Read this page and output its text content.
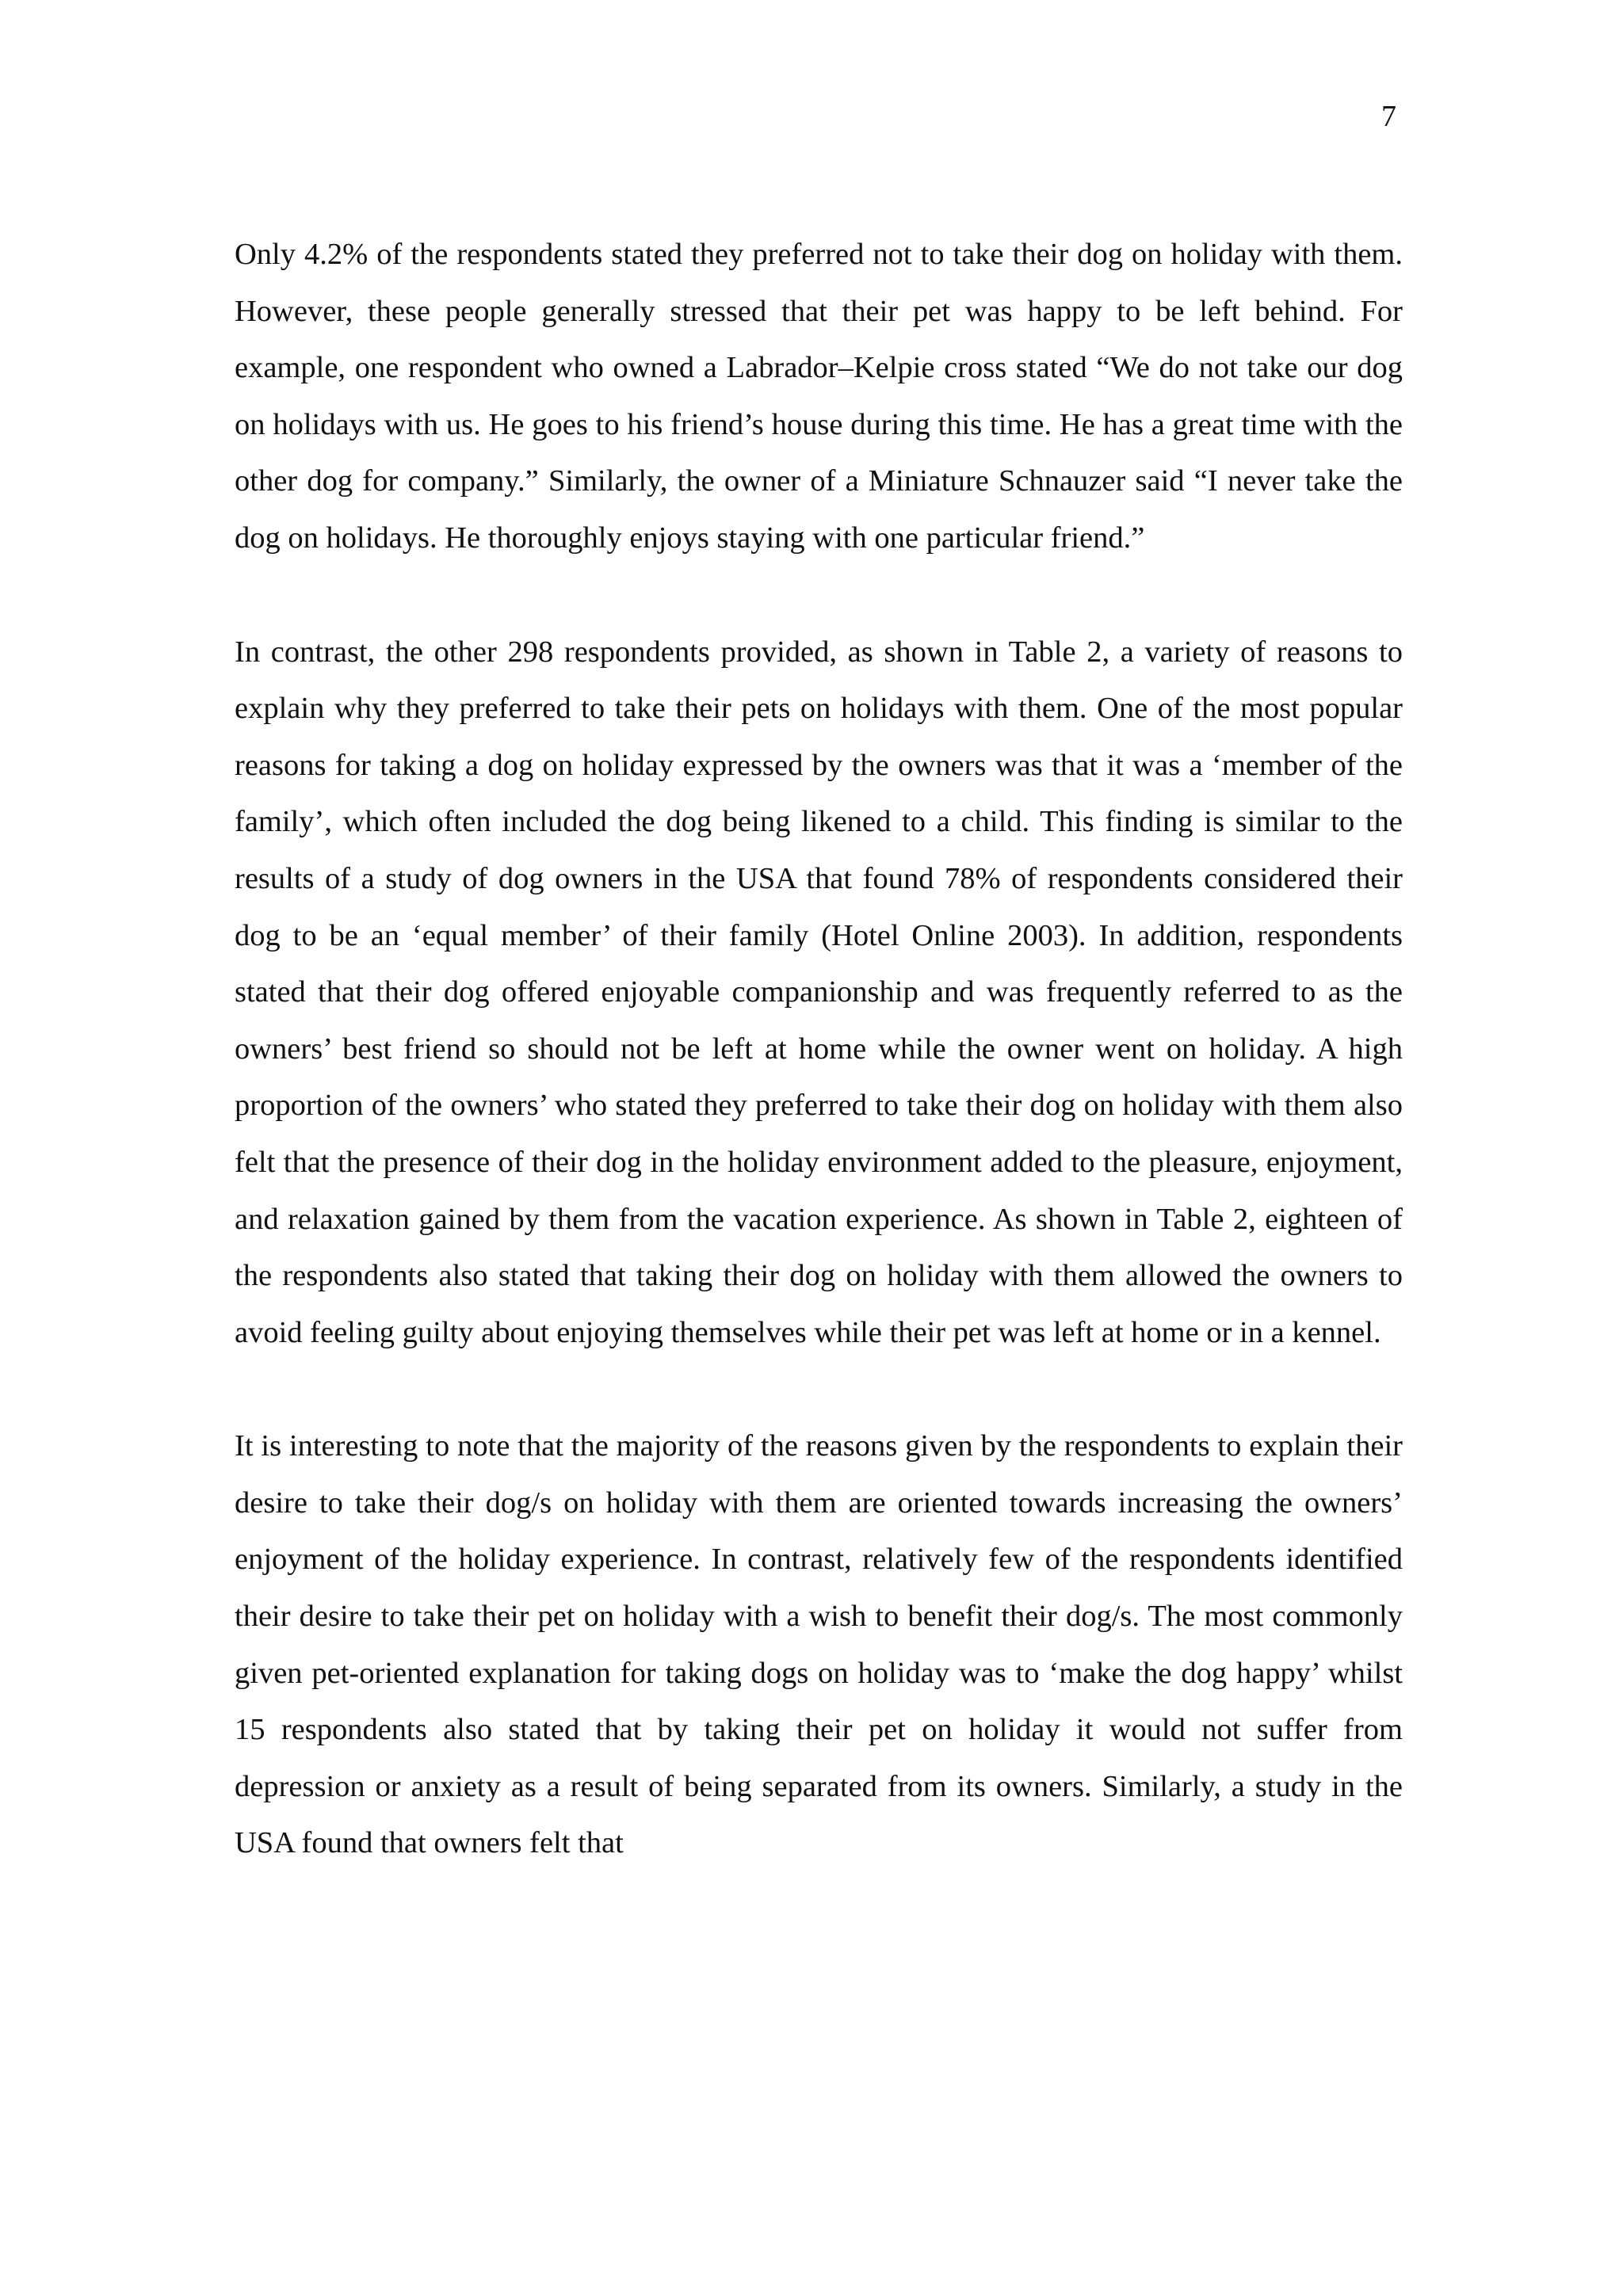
7

Only 4.2% of the respondents stated they preferred not to take their dog on holiday with them. However, these people generally stressed that their pet was happy to be left behind. For example, one respondent who owned a Labrador–Kelpie cross stated “We do not take our dog on holidays with us. He goes to his friend’s house during this time. He has a great time with the other dog for company.” Similarly, the owner of a Miniature Schnauzer said “I never take the dog on holidays. He thoroughly enjoys staying with one particular friend.”

In contrast, the other 298 respondents provided, as shown in Table 2, a variety of reasons to explain why they preferred to take their pets on holidays with them. One of the most popular reasons for taking a dog on holiday expressed by the owners was that it was a ‘member of the family’, which often included the dog being likened to a child. This finding is similar to the results of a study of dog owners in the USA that found 78% of respondents considered their dog to be an ‘equal member’ of their family (Hotel Online 2003). In addition, respondents stated that their dog offered enjoyable companionship and was frequently referred to as the owners’ best friend so should not be left at home while the owner went on holiday. A high proportion of the owners’ who stated they preferred to take their dog on holiday with them also felt that the presence of their dog in the holiday environment added to the pleasure, enjoyment, and relaxation gained by them from the vacation experience. As shown in Table 2, eighteen of the respondents also stated that taking their dog on holiday with them allowed the owners to avoid feeling guilty about enjoying themselves while their pet was left at home or in a kennel.

It is interesting to note that the majority of the reasons given by the respondents to explain their desire to take their dog/s on holiday with them are oriented towards increasing the owners’ enjoyment of the holiday experience. In contrast, relatively few of the respondents identified their desire to take their pet on holiday with a wish to benefit their dog/s. The most commonly given pet-oriented explanation for taking dogs on holiday was to ‘make the dog happy’ whilst 15 respondents also stated that by taking their pet on holiday it would not suffer from depression or anxiety as a result of being separated from its owners. Similarly, a study in the USA found that owners felt that
